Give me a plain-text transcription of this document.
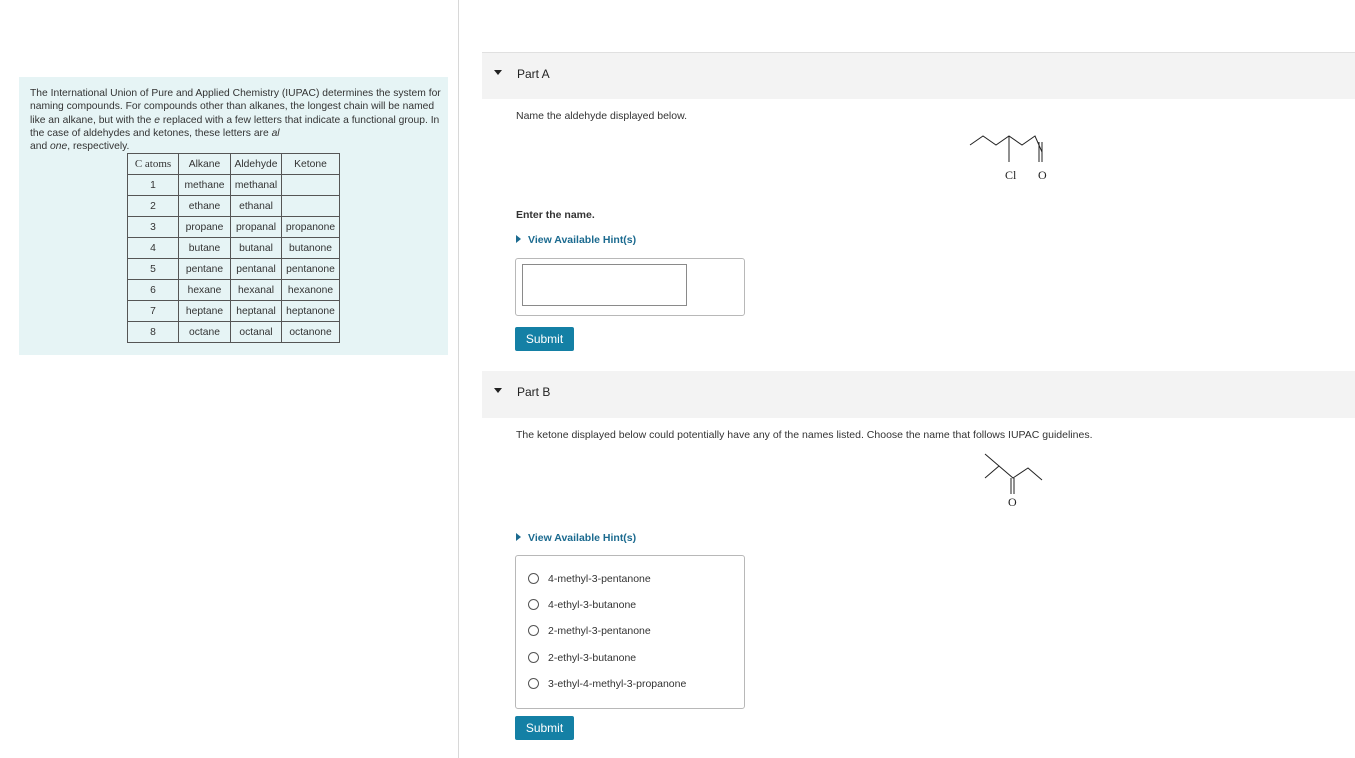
The International Union of Pure and Applied Chemistry (IUPAC) determines the system for naming compounds. For compounds other than alkanes, the longest chain will be named like an alkane, but with the e replaced with a few letters that indicate a functional group. In the case of aldehydes and ketones, these letters are al
and one, respectively.

C atoms	Alkane	Aldehyde	Ketone
1	methane	methanal	
2	ethane	ethanal	
3	propane	propanal	propanone
4	butane	butanal	butanone
5	pentane	pentanal	pentanone
6	hexane	hexanal	hexanone
7	heptane	heptanal	heptanone
8	octane	octanal	octanone
Part A
Name the aldehyde displayed below.
Cl O
Enter the name.
View Available Hint(s)
Submit
Part B
The ketone displayed below could potentially have any of the names listed. Choose the name that follows IUPAC guidelines.
O
View Available Hint(s)
4-methyl-3-pentanone
4-ethyl-3-butanone
2-methyl-3-pentanone
2-ethyl-3-butanone
3-ethyl-4-methyl-3-propanone
Submit
